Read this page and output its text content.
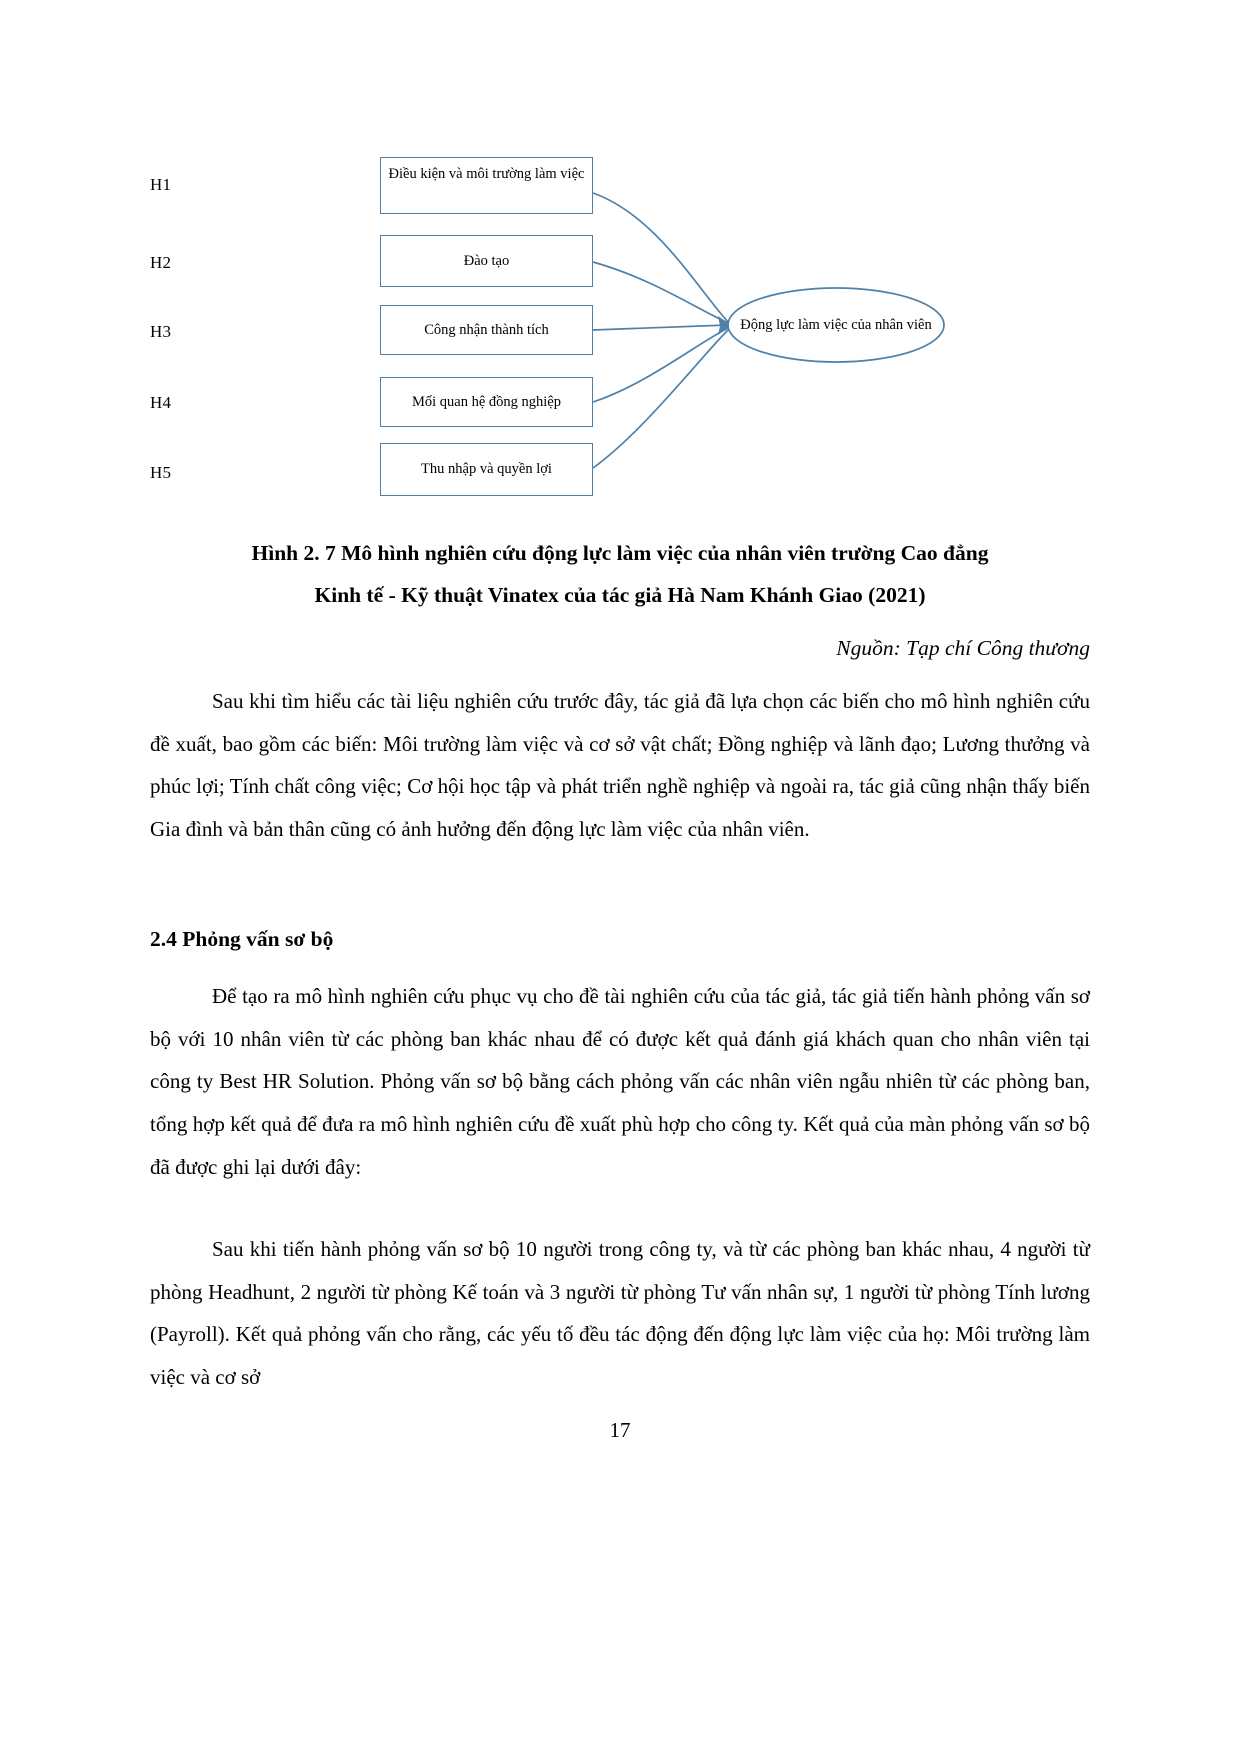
H1
H2
H3
H4
H5
Điều kiện và môi trường làm việc
Đào tạo
Công nhận thành tích
Mối quan hệ đồng nghiệp
Thu nhập và quyền lợi
Động lực làm việc của nhân viên
Hình 2. 7 Mô hình nghiên cứu động lực làm việc của nhân viên trường Cao đẳng
Kinh tế - Kỹ thuật Vinatex của tác giả Hà Nam Khánh Giao (2021)
Nguồn: Tạp chí Công thương

Sau khi tìm hiểu các tài liệu nghiên cứu trước đây, tác giả đã lựa chọn các biến cho mô hình nghiên cứu đề xuất, bao gồm các biến: Môi trường làm việc và cơ sở vật chất; Đồng nghiệp và lãnh đạo; Lương thưởng và phúc lợi; Tính chất công việc; Cơ hội học tập và phát triển nghề nghiệp và ngoài ra, tác giả cũng nhận thấy biến Gia đình và bản thân cũng có ảnh hưởng đến động lực làm việc của nhân viên.

2.4 Phỏng vấn sơ bộ

Để tạo ra mô hình nghiên cứu phục vụ cho đề tài nghiên cứu của tác giả, tác giả tiến hành phỏng vấn sơ bộ với 10 nhân viên từ các phòng ban khác nhau để có được kết quả đánh giá khách quan cho nhân viên tại công ty Best HR Solution. Phỏng vấn sơ bộ bằng cách phỏng vấn các nhân viên ngẫu nhiên từ các phòng ban, tổng hợp kết quả để đưa ra mô hình nghiên cứu đề xuất phù hợp cho công ty. Kết quả của màn phỏng vấn sơ bộ đã được ghi lại dưới đây:

Sau khi tiến hành phỏng vấn sơ bộ 10 người trong công ty, và từ các phòng ban khác nhau, 4 người từ phòng Headhunt, 2 người từ phòng Kế toán và 3 người từ phòng Tư vấn nhân sự, 1 người từ phòng Tính lương (Payroll). Kết quả phỏng vấn cho rằng, các yếu tố đều tác động đến động lực làm việc của họ: Môi trường làm việc và cơ sở

17
